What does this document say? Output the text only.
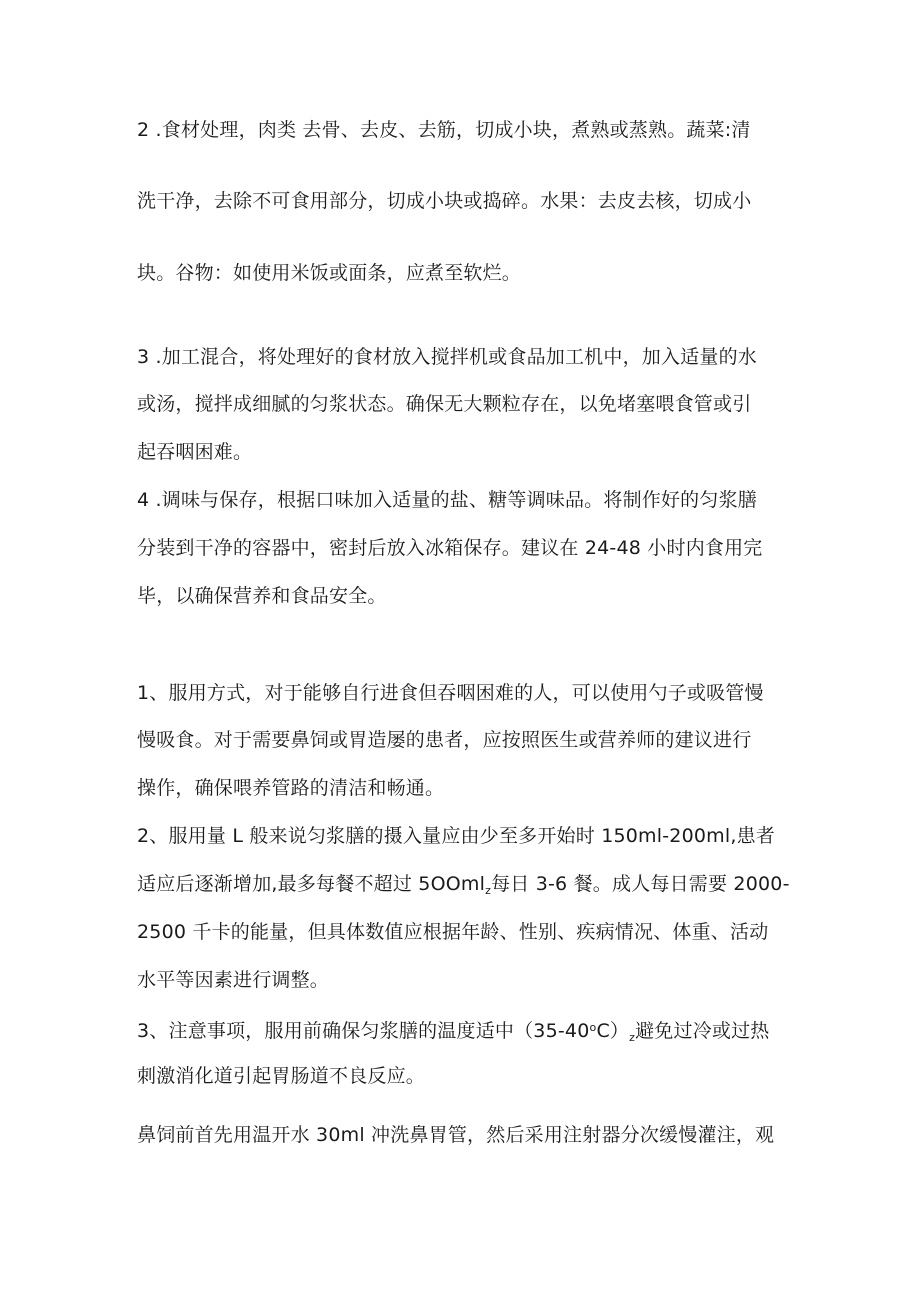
2 .食材处理，肉类 去骨、去皮、去筋，切成小块，煮熟或蒸熟。蔬菜:清
洗干净，去除不可食用部分，切成小块或捣碎。水果：去皮去核，切成小
块。谷物：如使用米饭或面条，应煮至软烂。
3 .加工混合，将处理好的食材放入搅拌机或食品加工机中，加入适量的水
或汤，搅拌成细腻的匀浆状态。确保无大颗粒存在，以免堵塞喂食管或引
起吞咽困难。
4 .调味与保存，根据口味加入适量的盐、糖等调味品。将制作好的匀浆膳
分装到干净的容器中，密封后放入冰箱保存。建议在 24-48 小时内食用完
毕，以确保营养和食品安全。
1、服用方式，对于能够自行进食但吞咽困难的人，可以使用勺子或吸管慢
慢吸食。对于需要鼻饲或胃造屡的患者，应按照医生或营养师的建议进行
操作，确保喂养管路的清洁和畅通。
2、服用量 L 般来说匀浆膳的摄入量应由少至多开始时 150ml-200ml,患者
适应后逐渐增加,最多每餐不超过 5OOml$_z$每日 3-6 餐。成人每日需要 2000-
2500 千卡的能量，但具体数值应根据年龄、性别、疾病情况、体重、活动
水平等因素进行调整。
3、注意事项，服用前确保匀浆膳的温度适中$(35-40^oC)_z$避免过冷或过热
刺激消化道引起胃肠道不良反应。
鼻饲前首先用温开水 30ml 冲洗鼻胃管，然后采用注射器分次缓慢灌注，观
